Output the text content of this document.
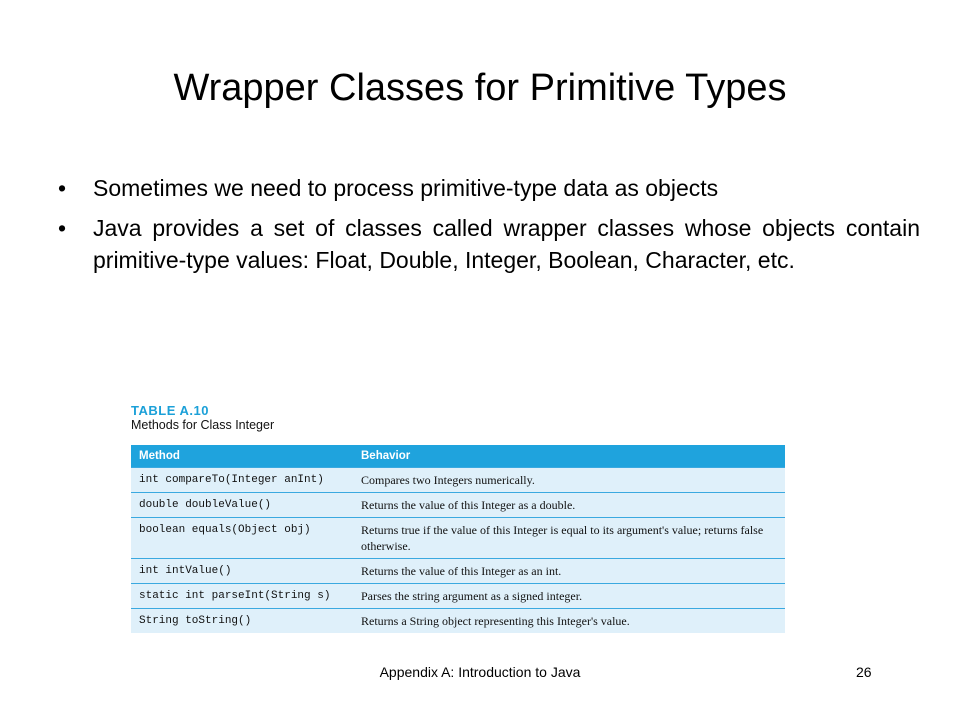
Wrapper Classes for Primitive Types
• Sometimes we need to process primitive-type data as objects
• Java provides a set of classes called wrapper classes whose objects contain primitive-type values: Float, Double, Integer, Boolean, Character, etc.
TABLE A.10
Methods for Class Integer
Method	Behavior
int compareTo(Integer anInt)	Compares two Integers numerically.
double doubleValue()	Returns the value of this Integer as a double.
boolean equals(Object obj)	Returns true if the value of this Integer is equal to its argument's value; returns false otherwise.
int intValue()	Returns the value of this Integer as an int.
static int parseInt(String s)	Parses the string argument as a signed integer.
String toString()	Returns a String object representing this Integer's value.
Appendix A: Introduction to Java	26
